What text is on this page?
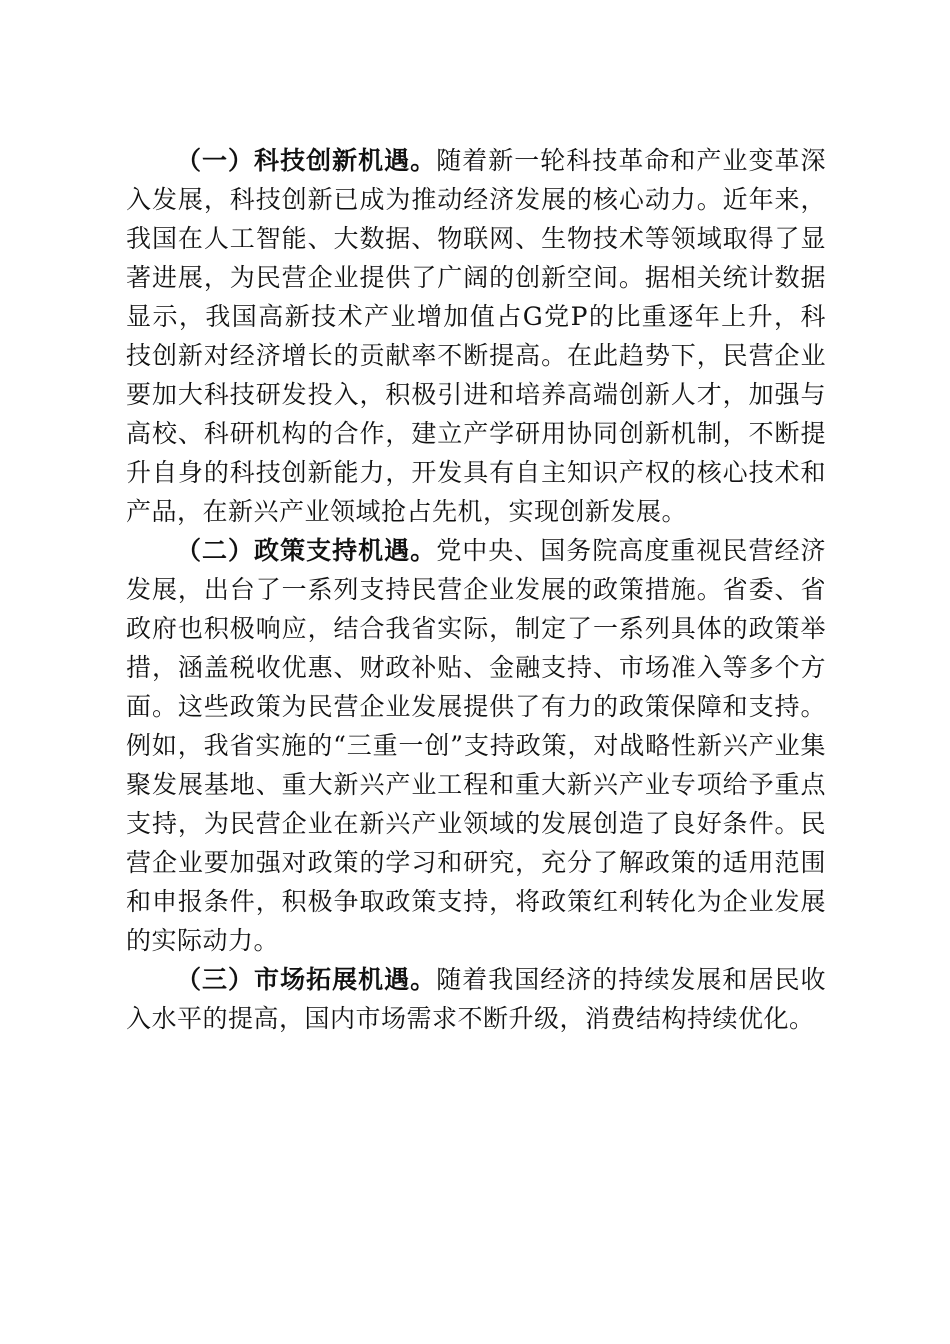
（一）科技创新机遇。随着新一轮科技革命和产业变革深入发展，科技创新已成为推动经济发展的核心动力。近年来，我国在人工智能、大数据、物联网、生物技术等领域取得了显著进展，为民营企业提供了广阔的创新空间。据相关统计数据显示，我国高新技术产业增加值占G党P的比重逐年上升，科技创新对经济增长的贡献率不断提高。在此趋势下，民营企业要加大科技研发投入，积极引进和培养高端创新人才，加强与高校、科研机构的合作，建立产学研用协同创新机制，不断提升自身的科技创新能力，开发具有自主知识产权的核心技术和产品，在新兴产业领域抢占先机，实现创新发展。

（二）政策支持机遇。党中央、国务院高度重视民营经济发展，出台了一系列支持民营企业发展的政策措施。省委、省政府也积极响应，结合我省实际，制定了一系列具体的政策举措，涵盖税收优惠、财政补贴、金融支持、市场准入等多个方面。这些政策为民营企业发展提供了有力的政策保障和支持。例如，我省实施的“三重一创”支持政策，对战略性新兴产业集聚发展基地、重大新兴产业工程和重大新兴产业专项给予重点支持，为民营企业在新兴产业领域的发展创造了良好条件。民营企业要加强对政策的学习和研究，充分了解政策的适用范围和申报条件，积极争取政策支持，将政策红利转化为企业发展的实际动力。

（三）市场拓展机遇。随着我国经济的持续发展和居民收入水平的提高，国内市场需求不断升级，消费结构持续优化。
